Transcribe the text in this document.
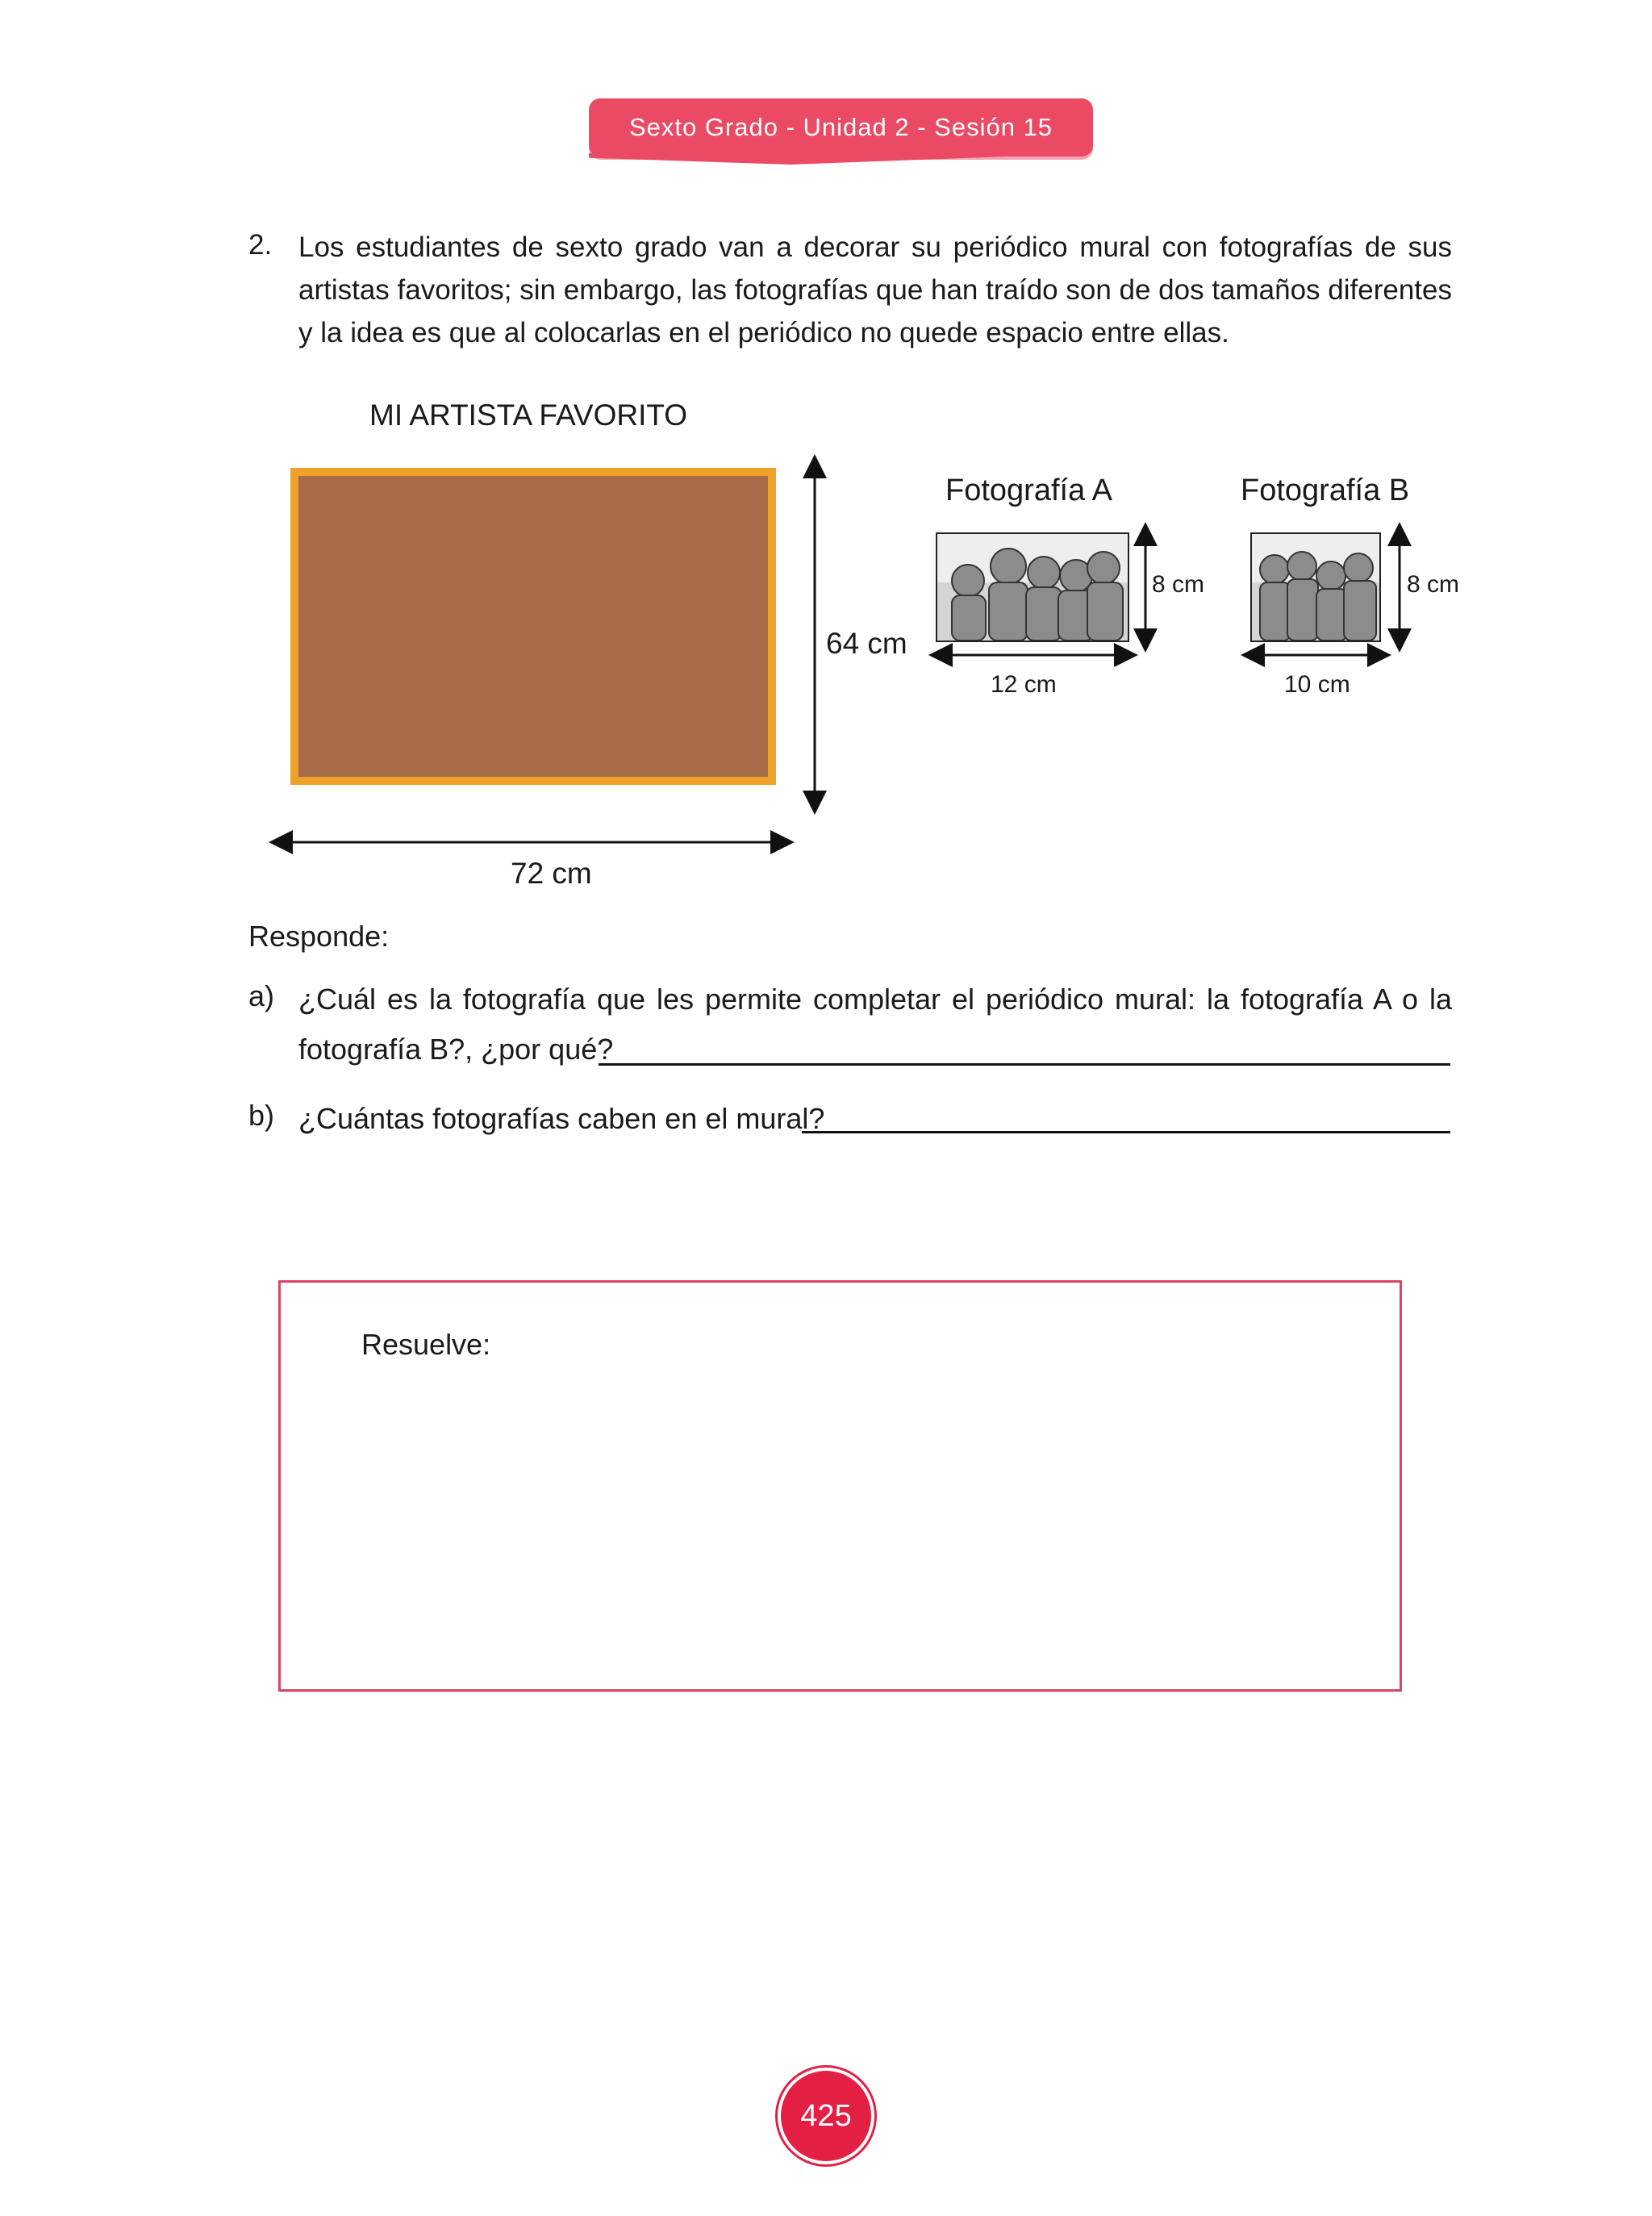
Sexto Grado - Unidad 2 - Sesión 15
2. Los estudiantes de sexto grado van a decorar su periódico mural con fotografías de sus artistas favoritos; sin embargo, las fotografías que han traído son de dos tamaños diferentes y la idea es que al colocarlas en el periódico no quede espacio entre ellas.
MI ARTISTA FAVORITO
64 cm
72 cm
Fotografía A
8 cm
12 cm
Fotografía B
8 cm
10 cm
Responde:
a) ¿Cuál es la fotografía que les permite completar el periódico mural: la fotografía A o la fotografía B?, ¿por qué?
b) ¿Cuántas fotografías caben en el mural?
Resuelve:
425
